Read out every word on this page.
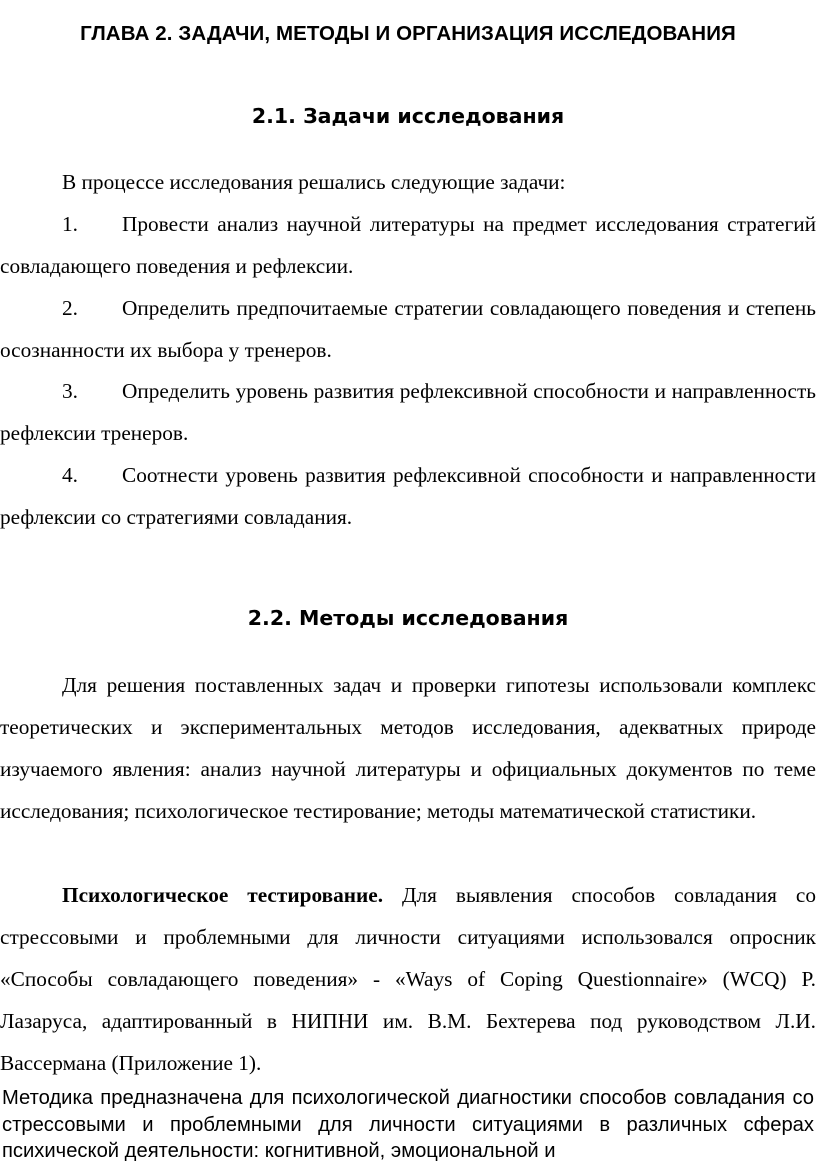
ГЛАВА 2. ЗАДАЧИ, МЕТОДЫ И ОРГАНИЗАЦИЯ ИССЛЕДОВАНИЯ
2.1. Задачи исследования

В процессе исследования решались следующие задачи:

1. Провести анализ научной литературы на предмет исследования стратегий совладающего поведения и рефлексии.

2. Определить предпочитаемые стратегии совладающего поведения и степень осознанности их выбора у тренеров.

3. Определить уровень развития рефлексивной способности и направленность рефлексии тренеров.

4. Соотнести уровень развития рефлексивной способности и направленности рефлексии со стратегиями совладания.

2.2. Методы исследования

Для решения поставленных задач и проверки гипотезы использовали комплекс теоретических и экспериментальных методов исследования, адекватных природе изучаемого явления: анализ научной литературы и официальных документов по теме исследования; психологическое тестирование; методы математической статистики.

Психологическое тестирование. Для выявления способов совладания со стрессовыми и проблемными для личности ситуациями использовался опросник «Способы совладающего поведения» - «Ways of Coping Questionnaire» (WCQ) Р. Лазаруса, адаптированный в НИПНИ им. В.М. Бехтерева под руководством Л.И. Вассермана (Приложение 1).

Методика предназначена для психологической диагностики способов совладания со стрессовыми и проблемными для личности ситуациями в различных сферах психической деятельности: когнитивной, эмоциональной и
